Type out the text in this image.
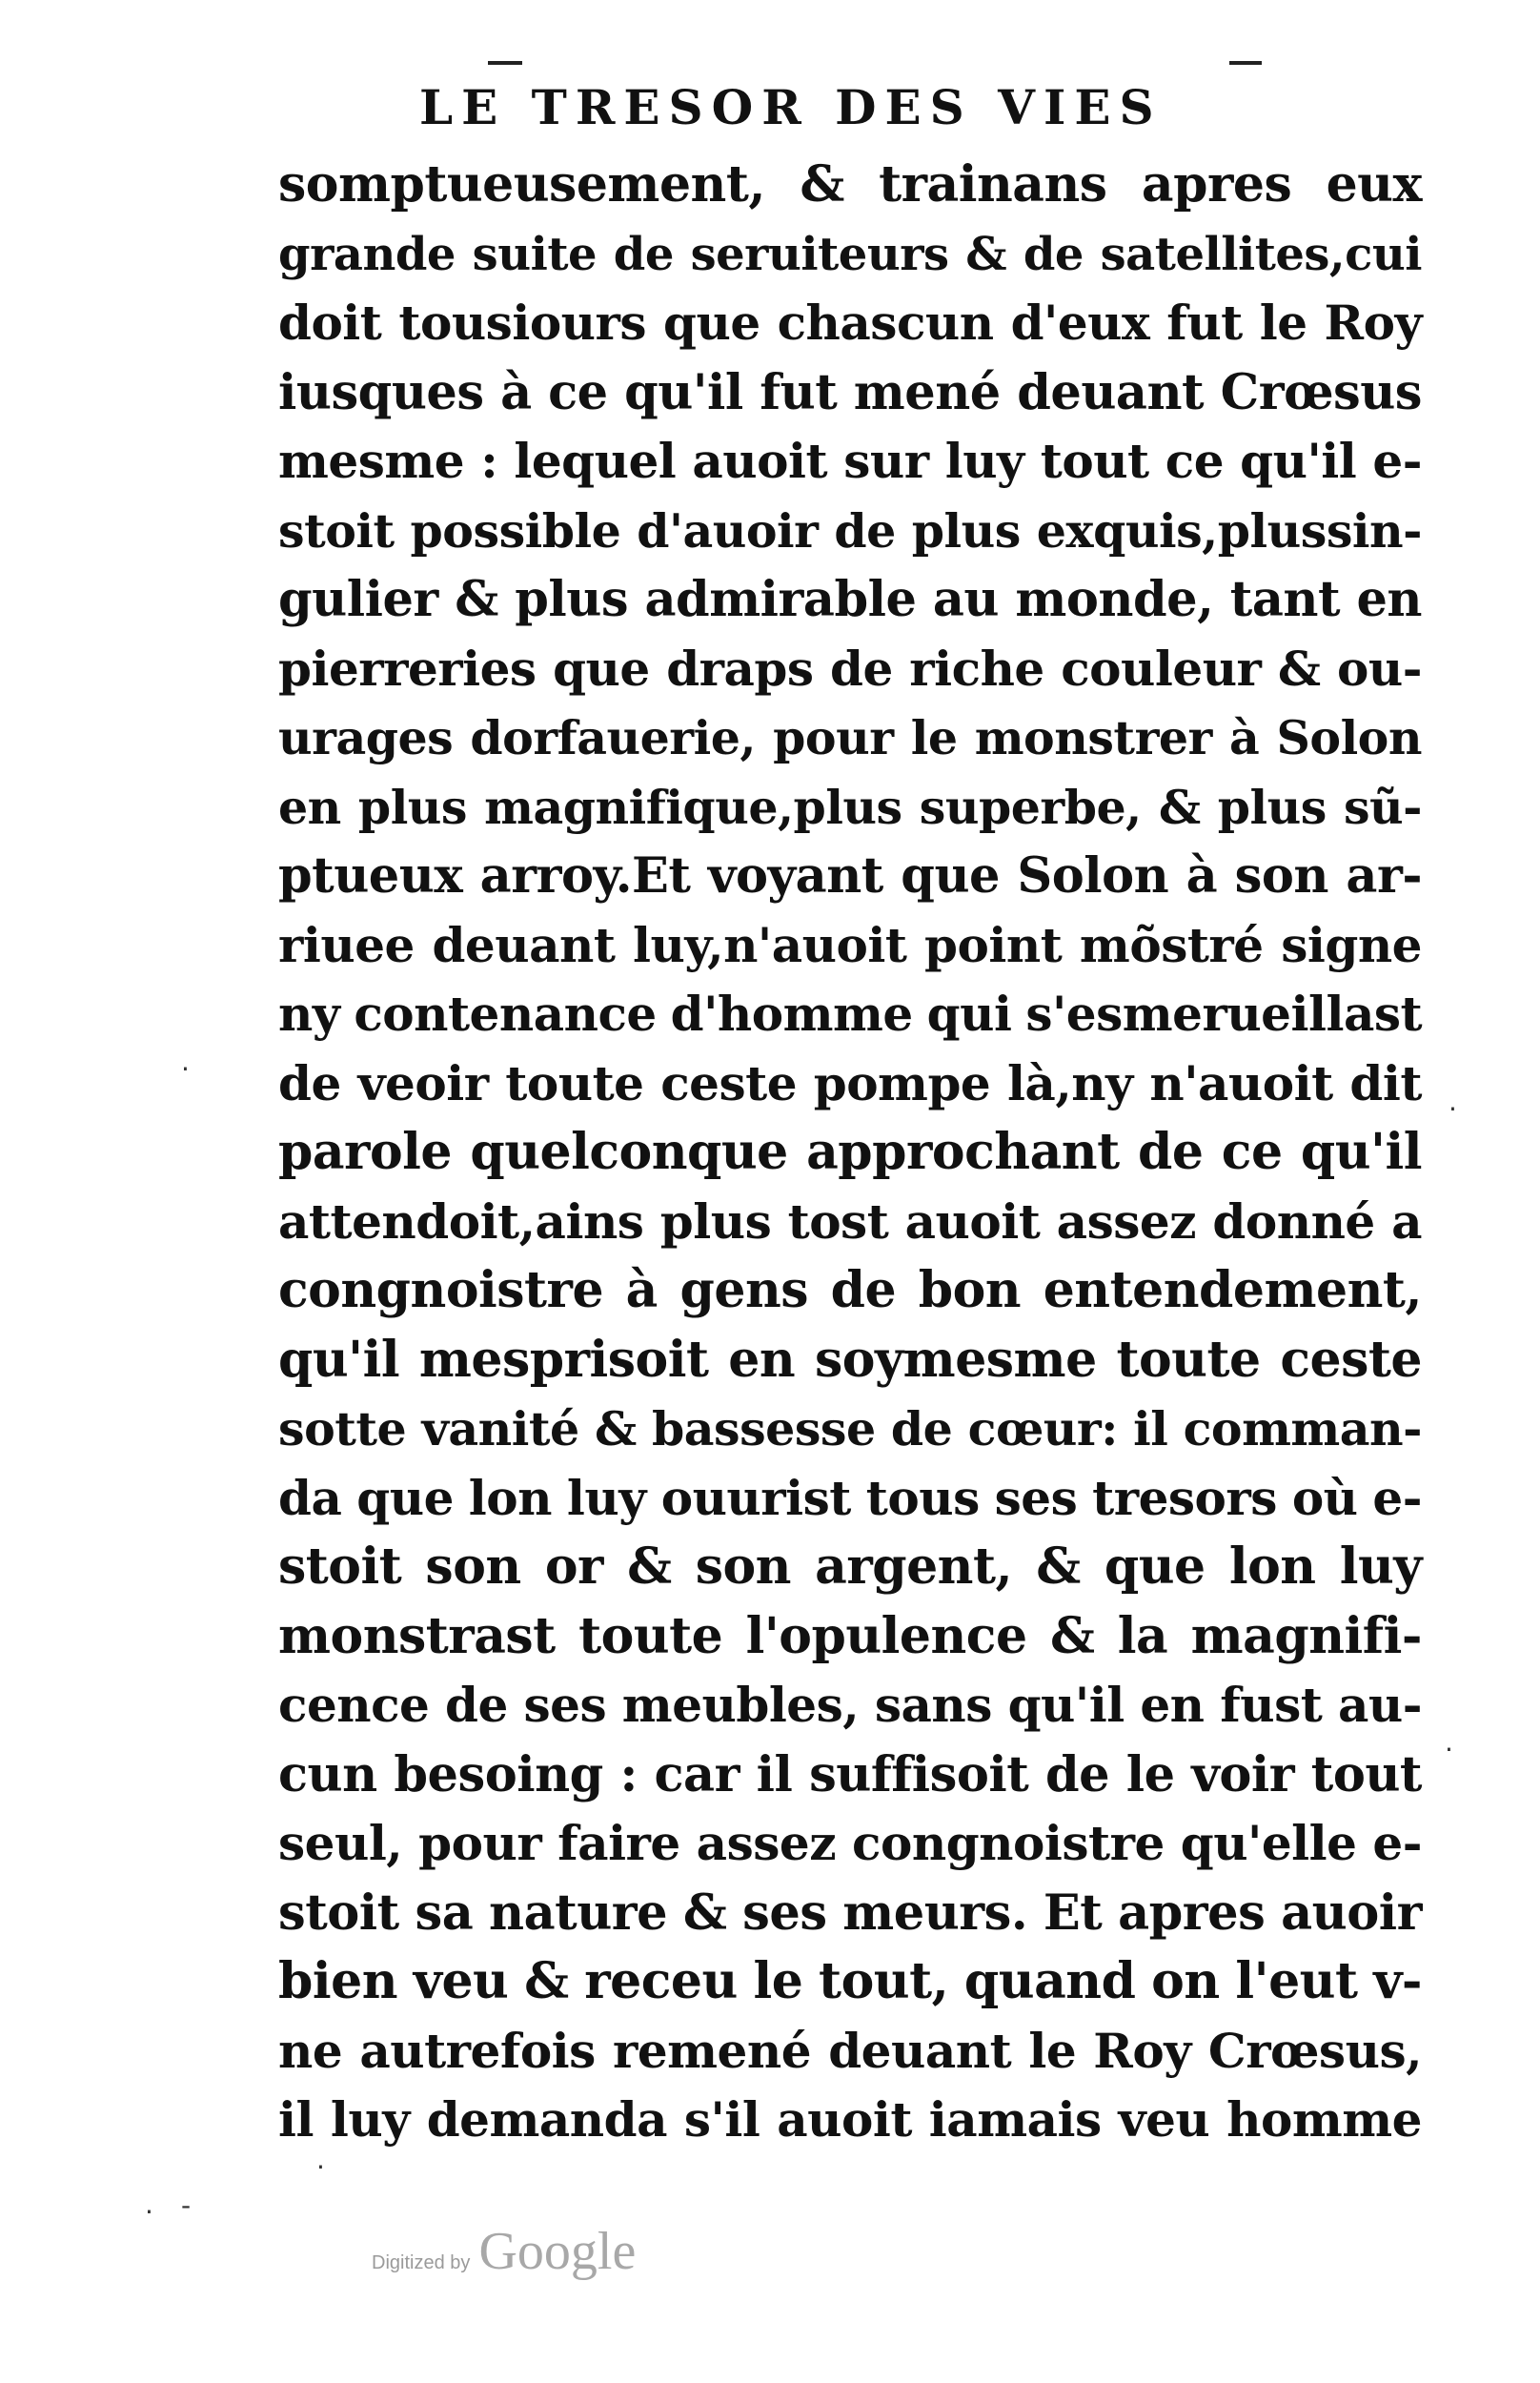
LE TRESOR DES VIES
somptueusement, & trainans apres eux
grande suite de seruiteurs & de satellites,cui
doit tousiours que chascun d'eux fut le Roy
iusques à ce qu'il fut mené deuant Crœsus
mesme : lequel auoit sur luy tout ce qu'il e-
stoit possible d'auoir de plus exquis,plussin-
gulier & plus admirable au monde, tant en
pierreries que draps de riche couleur & ou-
urages dorfauerie, pour le monstrer à Solon
en plus magnifique,plus superbe, & plus sũ-
ptueux arroy.Et voyant que Solon à son ar-
riuee deuant luy,n'auoit point mõstré signe
ny contenance d'homme qui s'esmerueillast
de veoir toute ceste pompe là,ny n'auoit dit
parole quelconque approchant de ce qu'il
attendoit,ains plus tost auoit assez donné a
congnoistre à gens de bon entendement,
qu'il mesprisoit en soymesme toute ceste
sotte vanité & bassesse de cœur: il comman-
da que lon luy ouurist tous ses tresors où e-
stoit son or & son argent, & que lon luy
monstrast toute l'opulence & la magnifi-
cence de ses meubles, sans qu'il en fust au-
cun besoing : car il suffisoit de le voir tout
seul, pour faire assez congnoistre qu'elle e-
stoit sa nature & ses meurs. Et apres auoir
bien veu & receu le tout, quand on l'eut v-
ne autrefois remené deuant le Roy Crœsus,
il luy demanda s'il auoit iamais veu homme
·
·
·
·
· -
Digitized by Google
